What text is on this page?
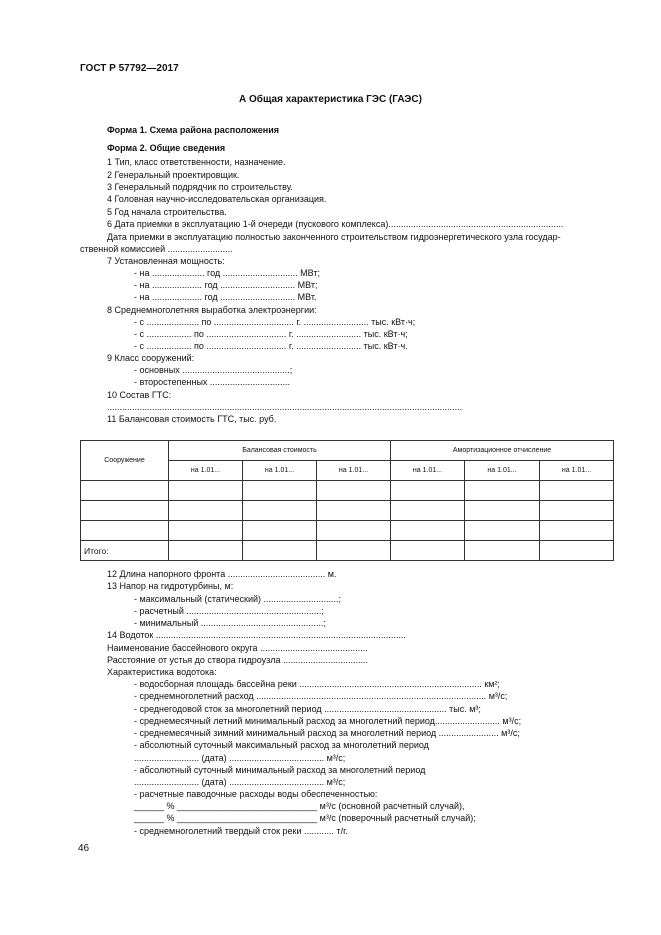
ГОСТ Р 57792—2017
А Общая характеристика ГЭС (ГАЭС)
Форма 1. Схема района расположения
Форма 2. Общие сведения
1 Тип, класс ответственности, назначение.
2 Генеральный проектировщик.
3 Генеральный подрядчик по строительству.
4 Головная научно-исследовательская организация.
5 Год начала строительства.
6 Дата приемки в эксплуатацию 1-й очереди (пускового комплекса)......................................................................
Дата приемки в эксплуатацию полностью законченного строительством гидроэнергетического узла государ-
ственной комиссией ..........................
7 Установленная мощность:
- на ..................... год .............................. МВт;
- на .................... год .............................. МВт;
- на .................... год .............................. МВт.
8 Среднемноголетняя выработка электроэнергии:
- с ..................... по ................................ г. .......................... тыс. кВт·ч;
- с .................. по ................................ г. .......................... тыс. кВт·ч;
- с .................. по ................................ г. .......................... тыс. кВт·ч.
9 Класс сооружений:
- основных ...........................................;
- второстепенных ................................
10 Состав ГТС:
..............................................................................................................................................
11 Балансовая стоимость ГТС, тыс. руб.
Сооружение	Балансовая стоимость			Амортизационное отчисление		
	на 1.01...	на 1.01...	на 1.01...	на 1.01...	на 1.01...	на 1.01...

Итого:						
12 Длина напорного фронта ....................................... м.
13 Напор на гидротурбины, м:
- максимальный (статический) ..............................;
- расчетный ......................................................;
- минимальный .................................................;
14 Водоток ....................................................................................................
Наименование бассейнового округа ...........................................
Расстояние от устья до створа гидроузла ..................................
Характеристика водотока:
- водосборная площадь бассейна реки ......................................................................... км²;
- среднемноголетний расход ............................................................................................ м³/с;
- среднегодовой сток за многолетний период ................................................. тыс. м³;
- среднемесячный летний минимальный расход за многолетний период.......................... м³/с;
- среднемесячный зимний минимальный расход за многолетний период ........................ м³/с;
- абсолютный суточный максимальный расход за многолетний период
.......................... (дата) ...................................... м³/с;
- абсолютный суточный минимальный расход за многолетний период
.......................... (дата) ...................................... м³/с;
- расчетные паводочные расходы воды обеспеченностью:
______ % ____________________________ м³/с (основной расчетный случай),
______ % ____________________________ м³/с (поверочный расчетный случай);
- среднемноголетний твердый сток реки ............ т/г.
46
